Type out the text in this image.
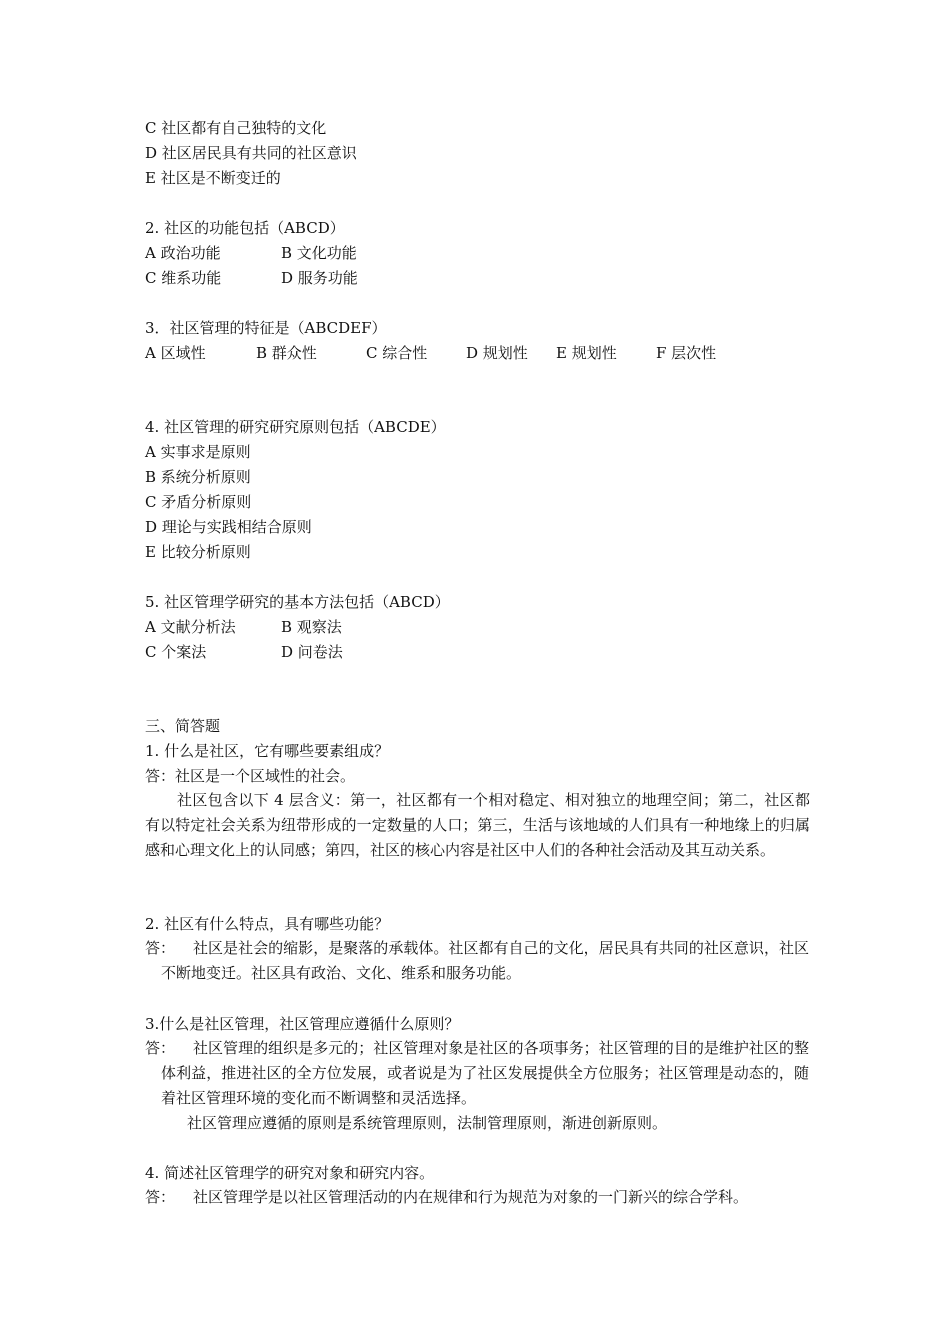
C 社区都有自己独特的文化
D 社区居民具有共同的社区意识
E 社区是不断变迁的
2. 社区的功能包括（ABCD）
A 政治功能	B 文化功能
C 维系功能	D 服务功能
3．社区管理的特征是（ABCDEF）
A 区域性	B 群众性	C 综合性	D 规划性 E 规划性	F 层次性
4. 社区管理的研究研究原则包括（ABCDE）
A 实事求是原则
B 系统分析原则
C 矛盾分析原则
D 理论与实践相结合原则
E 比较分析原则
5. 社区管理学研究的基本方法包括（ABCD）
A 文献分析法	B 观察法
C 个案法	D 问卷法
三、简答题
1. 什么是社区，它有哪些要素组成？
答：社区是一个区域性的社会。
社区包含以下 4 层含义：第一，社区都有一个相对稳定、相对独立的地理空间；第二，社区都有以特定社会关系为纽带形成的一定数量的人口；第三，生活与该地域的人们具有一种地缘上的归属感和心理文化上的认同感；第四，社区的核心内容是社区中人们的各种社会活动及其互动关系。
2. 社区有什么特点，具有哪些功能？
答：	社区是社会的缩影，是聚落的承载体。社区都有自己的文化，居民具有共同的社区意识，社区不断地变迁。社区具有政治、文化、维系和服务功能。
3.什么是社区管理，社区管理应遵循什么原则？
答：	社区管理的组织是多元的；社区管理对象是社区的各项事务；社区管理的目的是维护社区的整体利益，推进社区的全方位发展，或者说是为了社区发展提供全方位服务；社区管理是动态的，随着社区管理环境的变化而不断调整和灵活选择。
社区管理应遵循的原则是系统管理原则，法制管理原则，渐进创新原则。
4. 简述社区管理学的研究对象和研究内容。
答：	社区管理学是以社区管理活动的内在规律和行为规范为对象的一门新兴的综合学科。
